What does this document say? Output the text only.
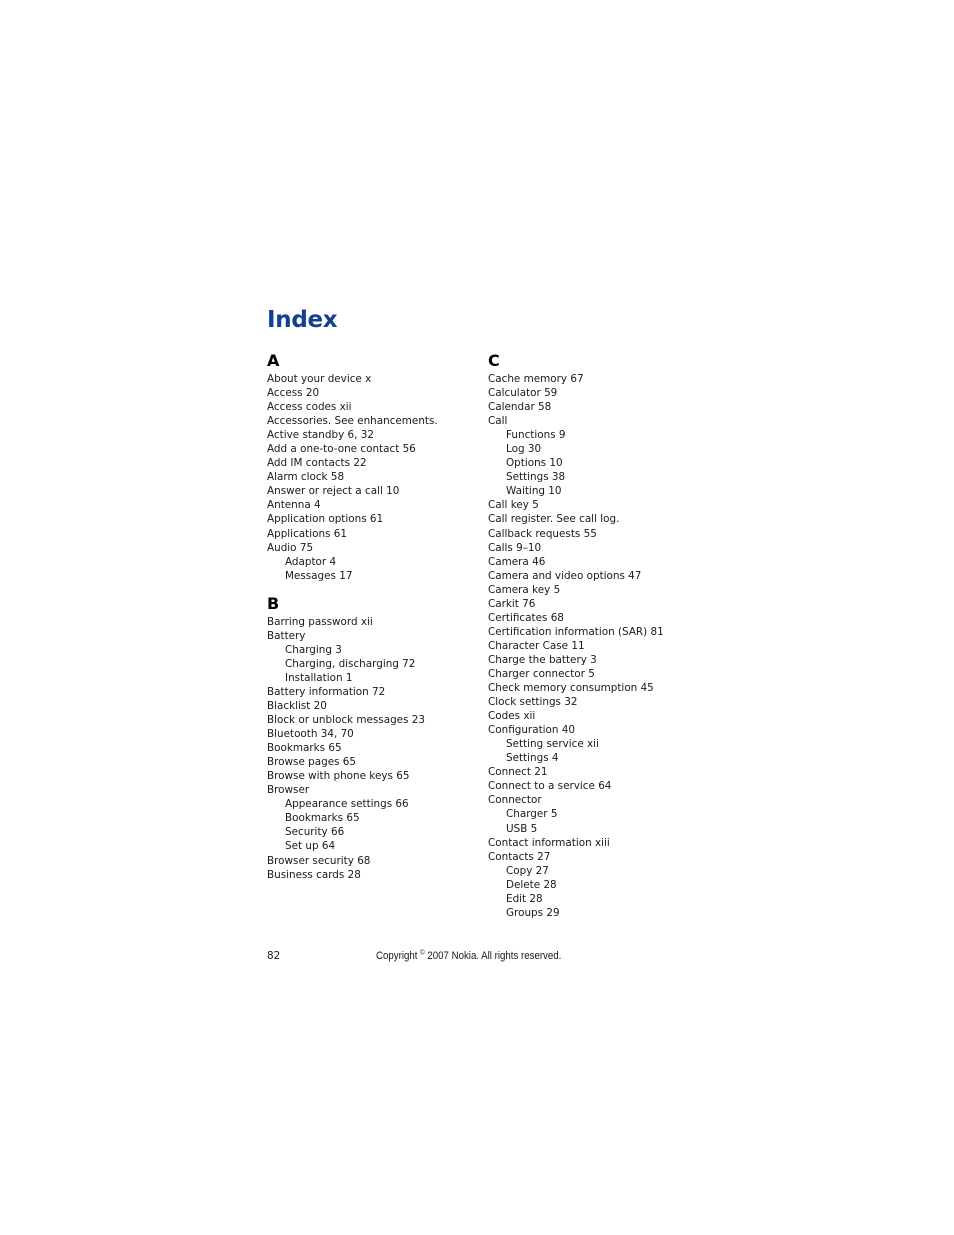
Index
A
About your device x
Access 20
Access codes xii
Accessories. See enhancements.
Active standby 6, 32
Add a one-to-one contact 56
Add IM contacts 22
Alarm clock 58
Answer or reject a call 10
Antenna 4
Application options 61
Applications 61
Audio 75
Adaptor 4
Messages 17
B
Barring password xii
Battery
Charging 3
Charging, discharging 72
Installation 1
Battery information 72
Blacklist 20
Block or unblock messages 23
Bluetooth 34, 70
Bookmarks 65
Browse pages 65
Browse with phone keys 65
Browser
Appearance settings 66
Bookmarks 65
Security 66
Set up 64
Browser security 68
Business cards 28
C
Cache memory 67
Calculator 59
Calendar 58
Call
Functions 9
Log 30
Options 10
Settings 38
Waiting 10
Call key 5
Call register. See call log.
Callback requests 55
Calls 9–10
Camera 46
Camera and video options 47
Camera key 5
Carkit 76
Certificates 68
Certification information (SAR) 81
Character Case 11
Charge the battery 3
Charger connector 5
Check memory consumption 45
Clock settings 32
Codes xii
Configuration 40
Setting service xii
Settings 4
Connect 21
Connect to a service 64
Connector
Charger 5
USB 5
Contact information xiii
Contacts 27
Copy 27
Delete 28
Edit 28
Groups 29
82	Copyright © 2007 Nokia. All rights reserved.
